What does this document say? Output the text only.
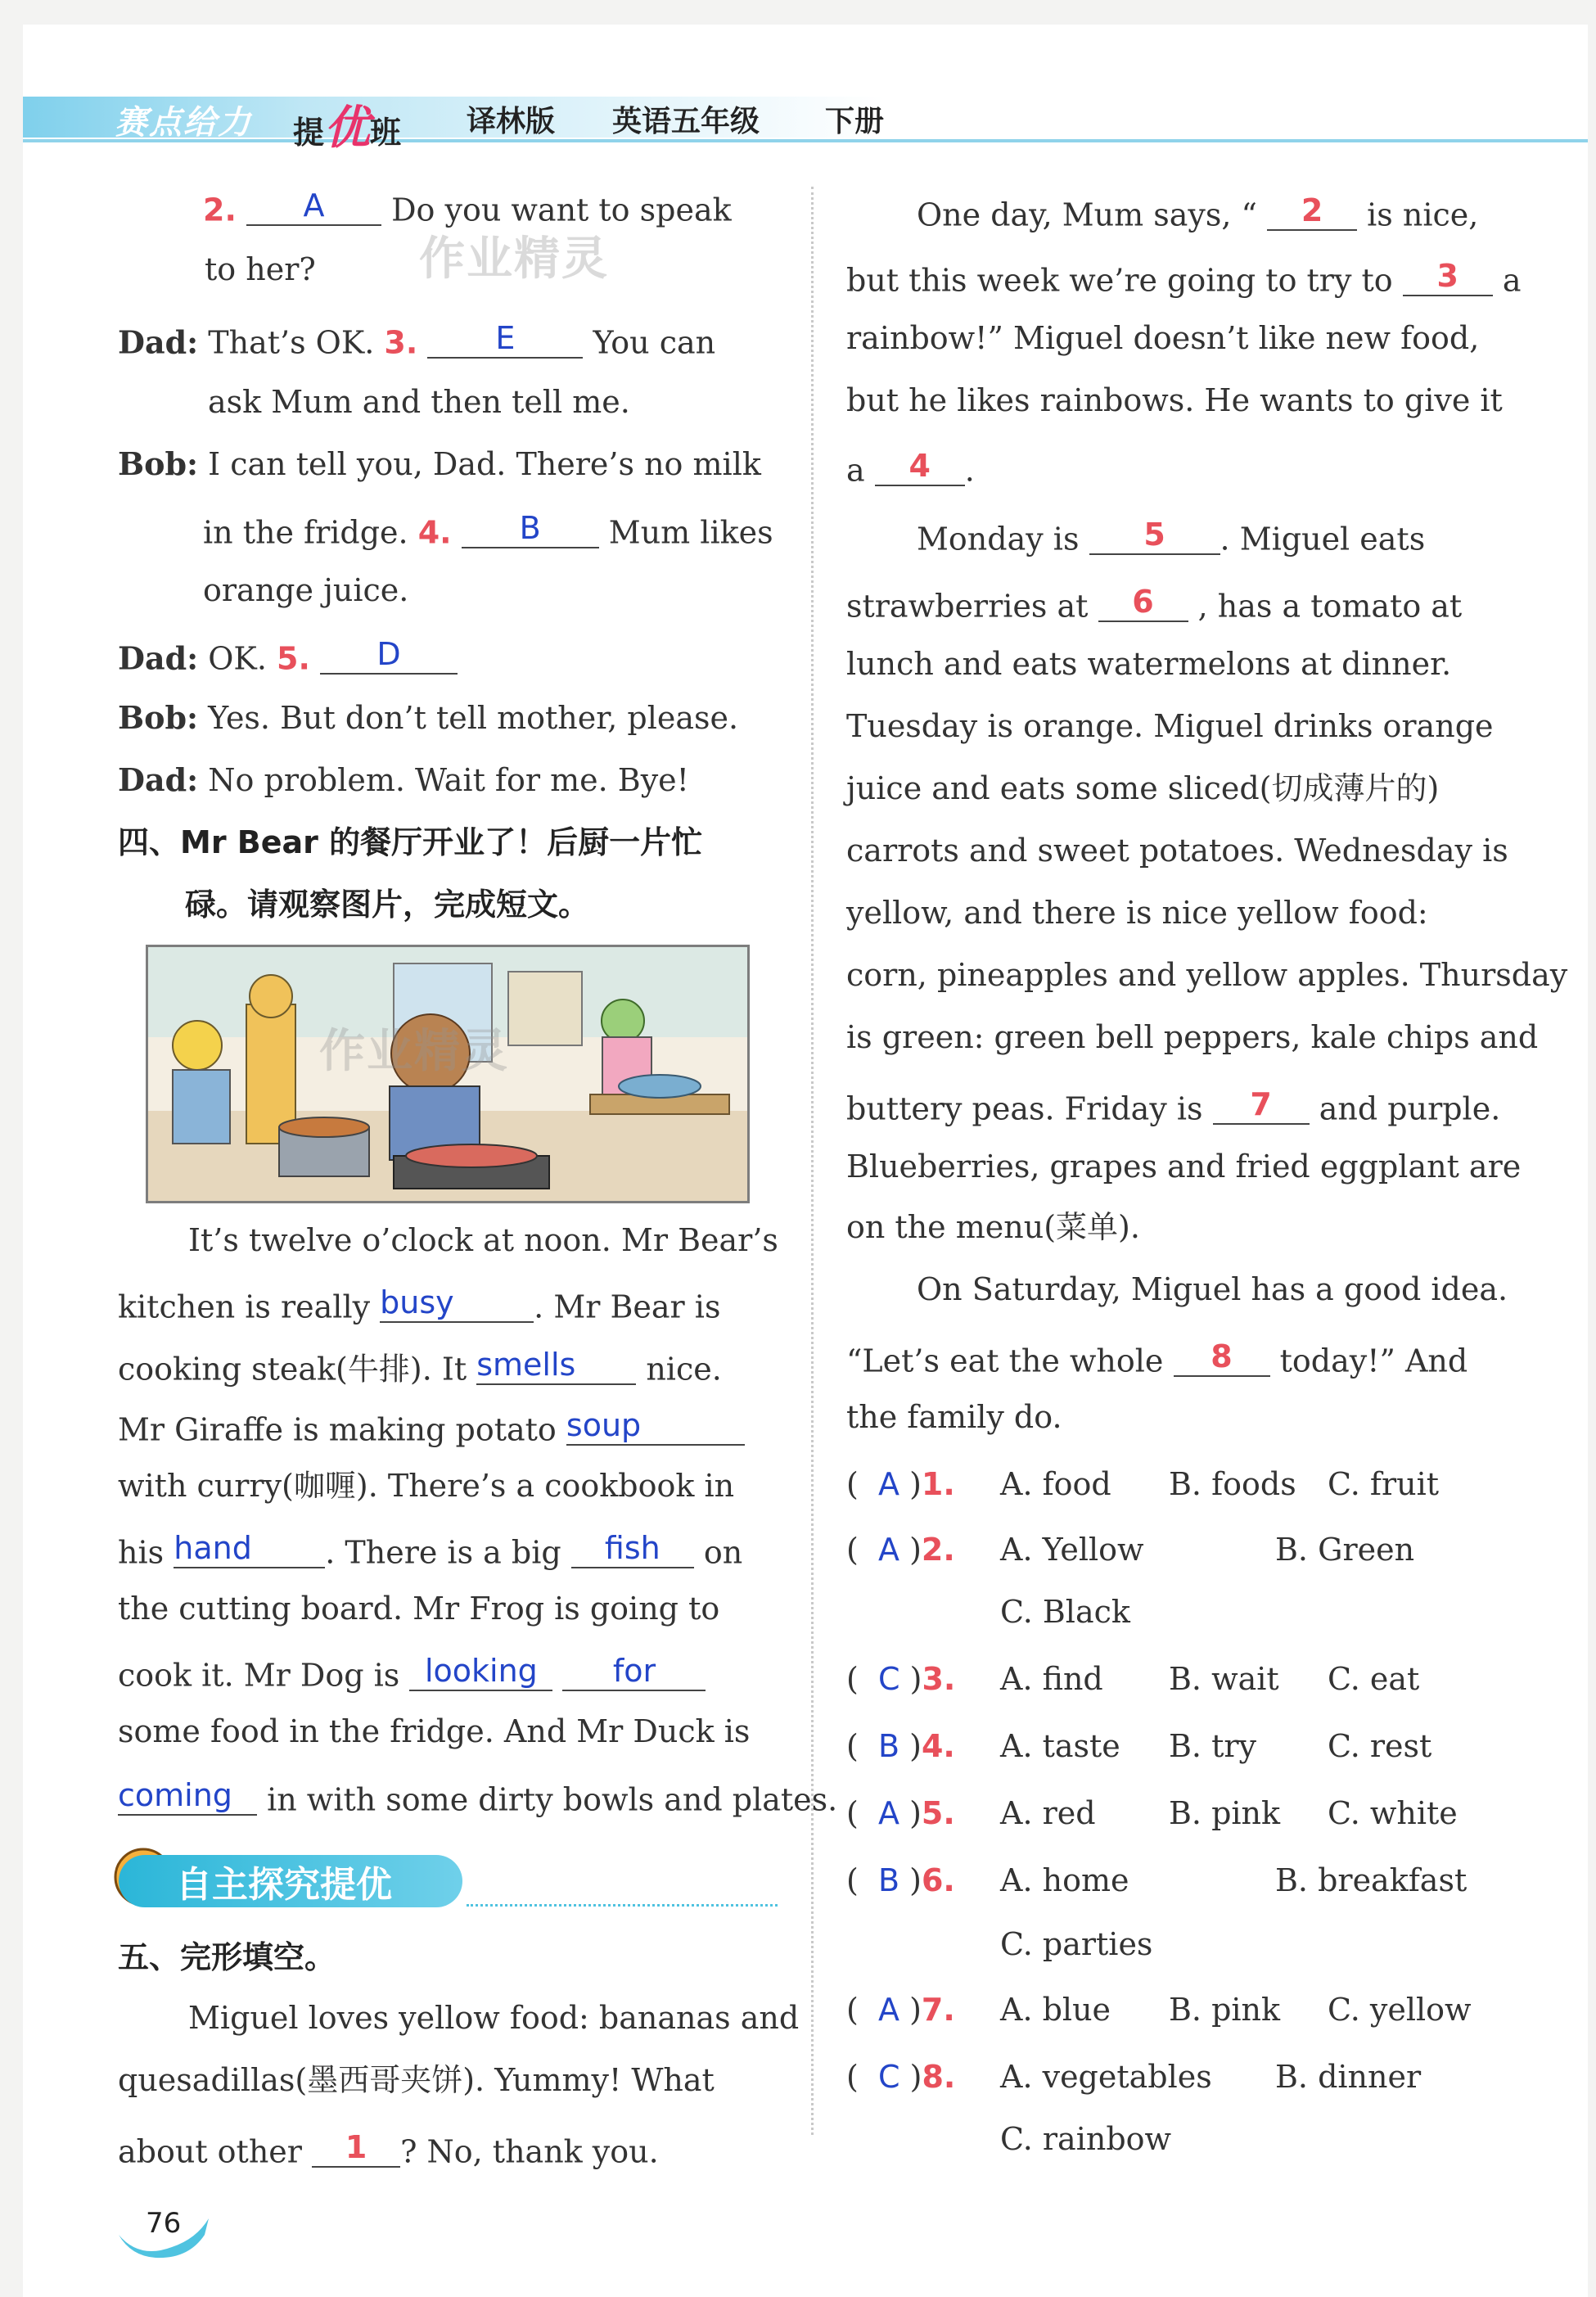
赛点给力 提优班 译林版 英语五年级 下册
作业精灵
2. A Do you want to speak
to her?
Dad: That’s OK. 3.	E	You can
ask Mum and then tell me.
Bob: I can tell you, Dad. There’s no milk
in the fridge. 4. B Mum likes
orange juice.
Dad: OK. 5. D
Bob: Yes. But don’t tell mother, please.
Dad: No problem. Wait for me. Bye!
四、Mr Bear 的餐厅开业了！后厨一片忙
碌。请观察图片，完成短文。
作业精灵
It’s twelve o’clock at noon. Mr Bear’s
kitchen is really busy	. Mr Bear is
cooking steak(牛排). It smells nice.
Mr Giraffe is making potato soup
with curry(咖喱). There’s a cookbook in
his hand . There is a big fish on
the cutting board. Mr Frog is going to
cook it. Mr Dog is looking for
some food in the fridge. And Mr Duck is
coming in with some dirty bowls and plates.
自主探究提优
五、完形填空。
Miguel loves yellow food: bananas and
quesadillas(墨西哥夹饼). Yummy! What
about other 1 ? No, thank you.
One day, Mum says, “ 2 is nice,
but this week we’re going to try to 3 a
rainbow!” Miguel doesn’t like new food,
but he likes rainbows. He wants to give it
a 4 .
Monday is 5 . Miguel eats
strawberries at 6 , has a tomato at
lunch and eats watermelons at dinner.
Tuesday is orange. Miguel drinks orange
juice and eats some sliced(切成薄片的)
carrots and sweet potatoes. Wednesday is
yellow, and there is nice yellow food:
corn, pineapples and yellow apples. Thursday
is green: green bell peppers, kale chips and
buttery peas. Friday is 7 and purple.
Blueberries, grapes and fried eggplant are
on the menu(菜单).
On Saturday, Miguel has a good idea.
“Let’s eat the whole 8 today!” And
the family do.
(  A )1. A. food B. foods C. fruit
(  A )2. A. Yellow	B. Green
C. Black
(  C )3. A. find B. wait C. eat
(  B )4. A. taste B. try C. rest
(  A )5. A. red B. pink C. white
(  B )6. A. home	B. breakfast
C. parties
(  A )7. A. blue B. pink C. yellow
(  C )8. A. vegetables B. dinner
C. rainbow
76
